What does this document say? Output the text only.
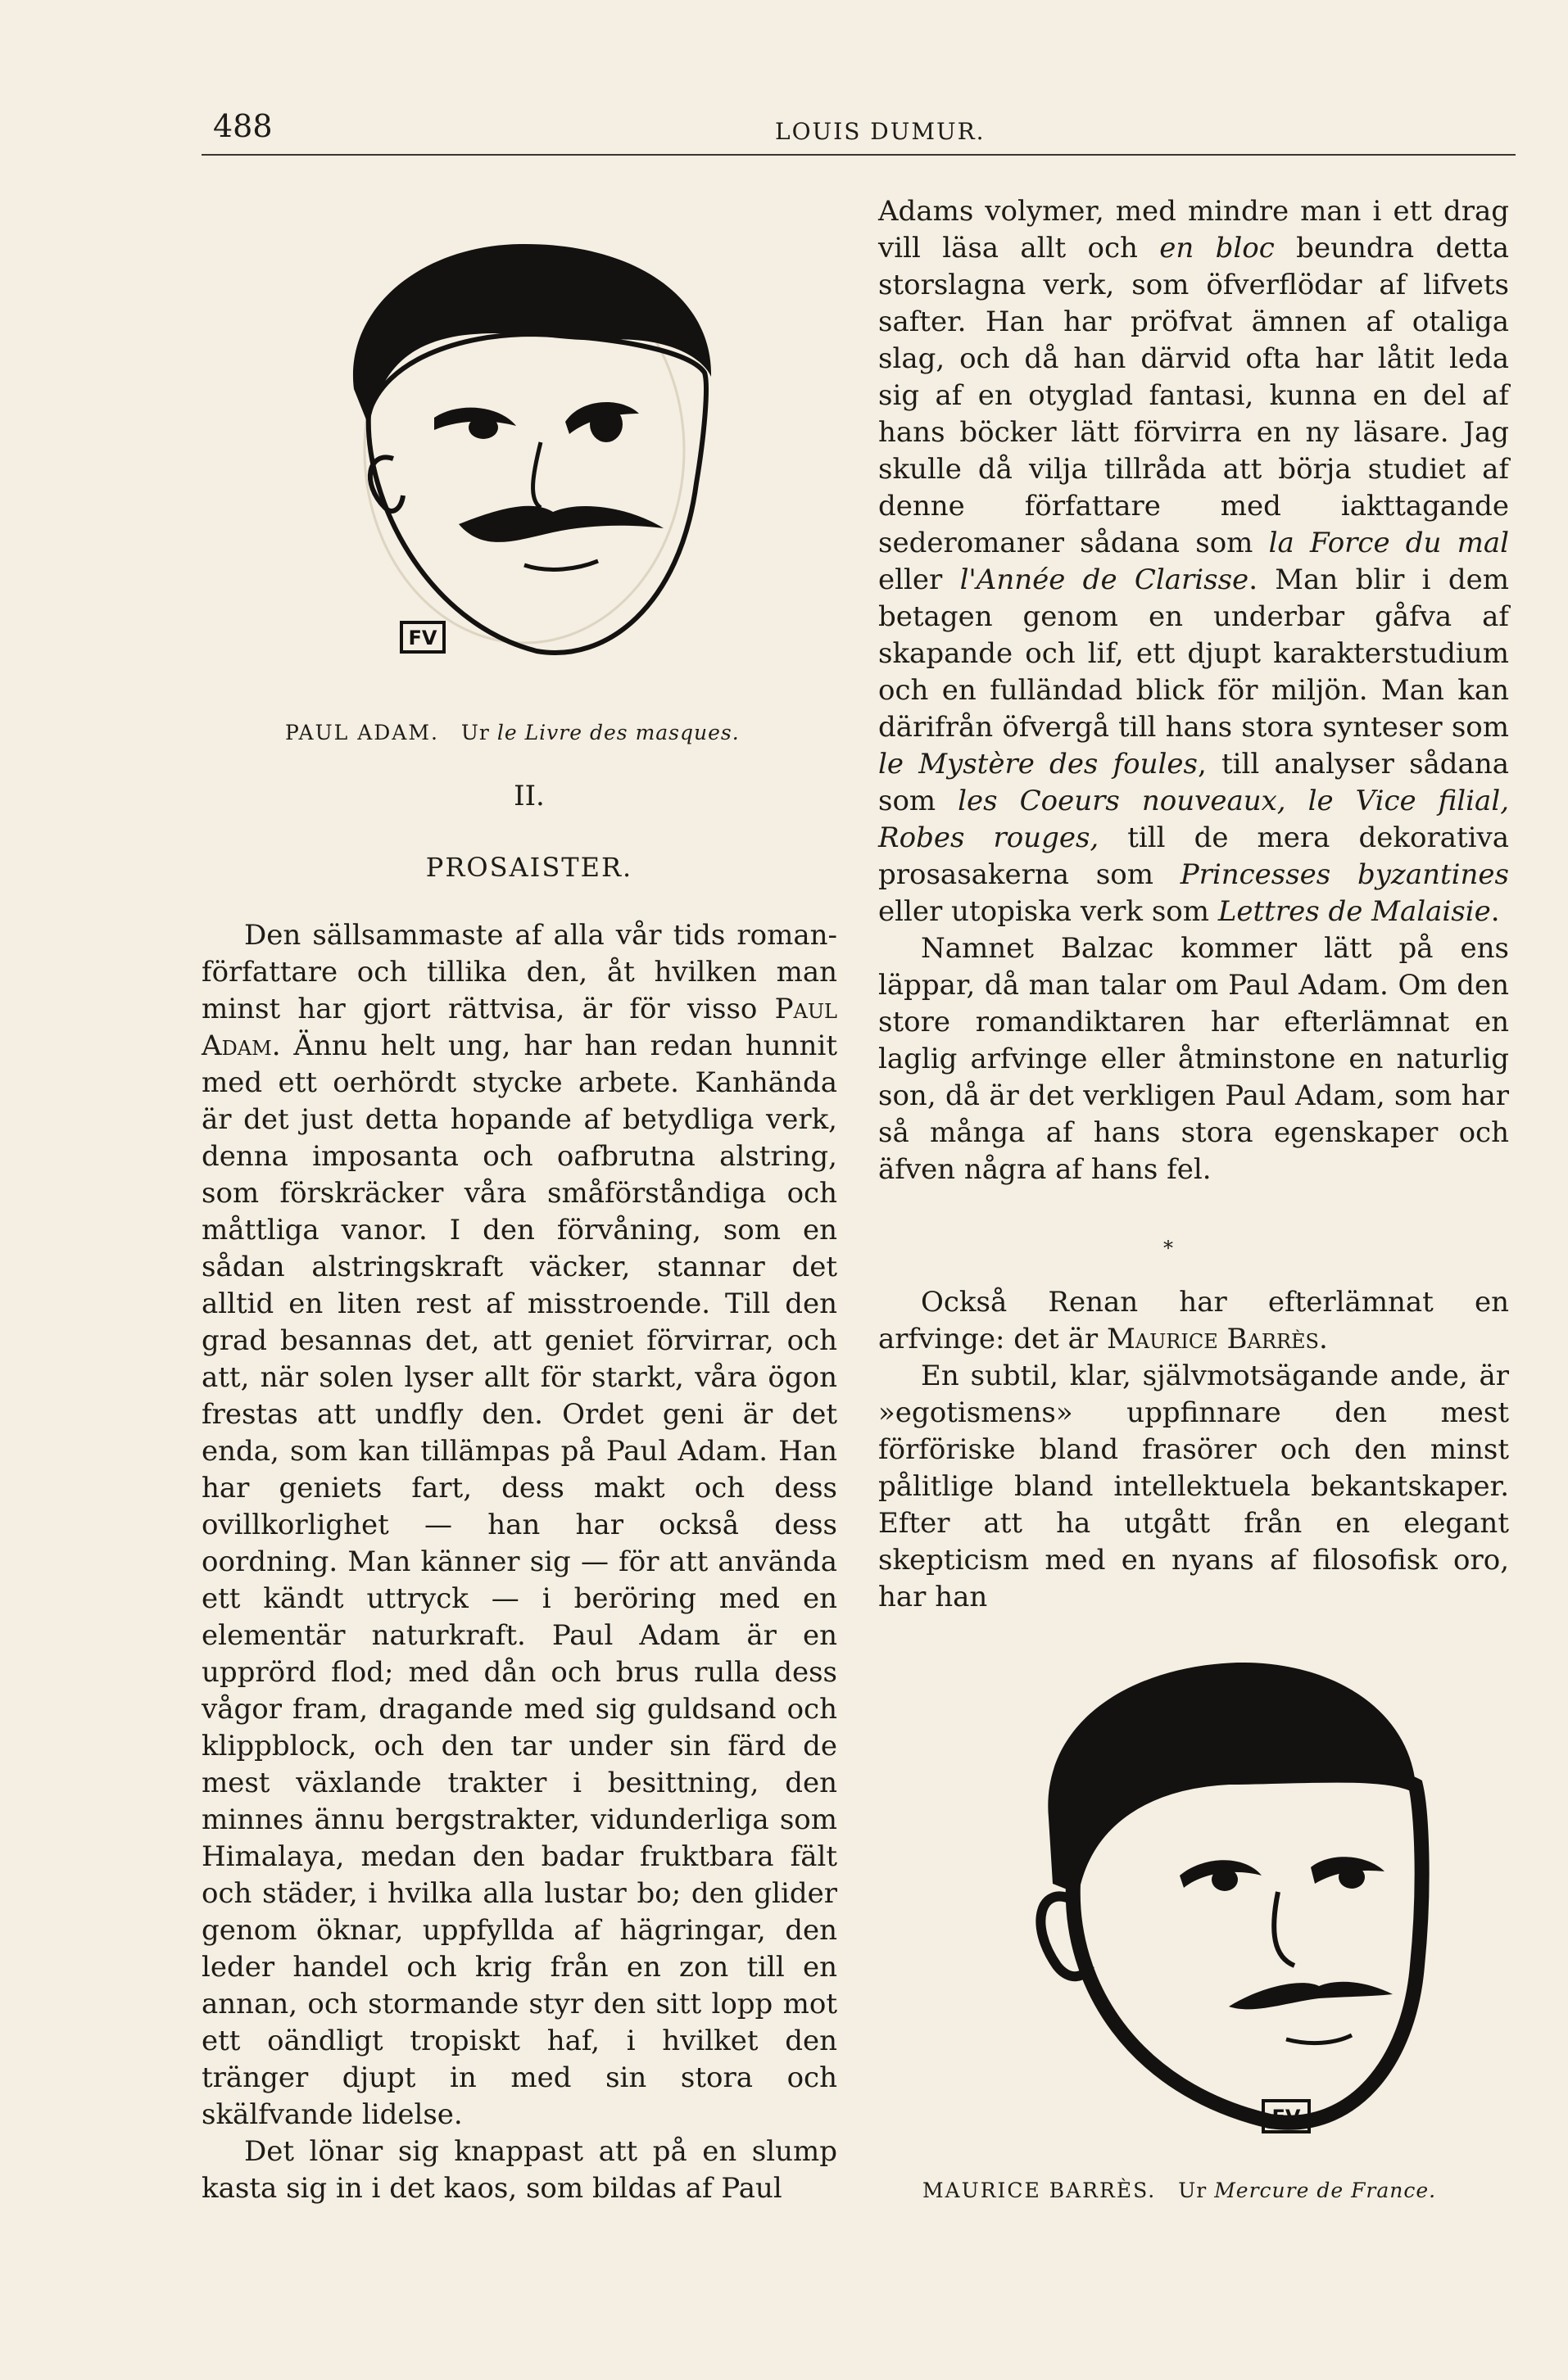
488	LOUIS DUMUR.
FV
PAUL ADAM. Ur le Livre des masques.
II.
PROSAISTER.

Den sällsammaste af alla vår tids roman-författare och tillika den, åt hvilken man minst har gjort rättvisa, är för visso Paul Adam. Ännu helt ung, har han redan hunnit med ett oerhördt stycke arbete. Kanhända är det just detta hopande af betydliga verk, denna imposanta och oafbrutna alstring, som förskräcker våra småförståndiga och måttliga vanor. I den förvåning, som en sådan alstringskraft väcker, stannar det alltid en liten rest af misstroende. Till den grad besannas det, att geniet förvirrar, och att, när solen lyser allt för starkt, våra ögon frestas att undfly den. Ordet geni är det enda, som kan tillämpas på Paul Adam. Han har geniets fart, dess makt och dess ovillkorlighet — han har också dess oordning. Man känner sig — för att använda ett kändt uttryck — i beröring med en elementär naturkraft. Paul Adam är en upprörd flod; med dån och brus rulla dess vågor fram, dragande med sig guldsand och klippblock, och den tar under sin färd de mest växlande trakter i besittning, den minnes ännu bergstrakter, vidunderliga som Himalaya, medan den badar fruktbara fält och städer, i hvilka alla lustar bo; den glider genom öknar, uppfyllda af hägringar, den leder handel och krig från en zon till en annan, och stormande styr den sitt lopp mot ett oändligt tropiskt haf, i hvilket den tränger djupt in med sin stora och skälfvande lidelse.

Det lönar sig knappast att på en slump kasta sig in i det kaos, som bildas af Paul

Adams volymer, med mindre man i ett drag vill läsa allt och en bloc beundra detta storslagna verk, som öfverflödar af lifvets safter. Han har pröfvat ämnen af otaliga slag, och då han därvid ofta har låtit leda sig af en otyglad fantasi, kunna en del af hans böcker lätt förvirra en ny läsare. Jag skulle då vilja tillråda att börja studiet af denne författare med iakttagande sederomaner sådana som la Force du mal eller l'Année de Clarisse. Man blir i dem betagen genom en underbar gåfva af skapande och lif, ett djupt karakterstudium och en fulländad blick för miljön. Man kan därifrån öfvergå till hans stora synteser som le Mystère des foules, till analyser sådana som les Coeurs nouveaux, le Vice filial, Robes rouges, till de mera dekorativa prosasakerna som Princesses byzantines eller utopiska verk som Lettres de Malaisie.

Namnet Balzac kommer lätt på ens läppar, då man talar om Paul Adam. Om den store romandiktaren har efterlämnat en laglig arfvinge eller åtminstone en naturlig son, då är det verkligen Paul Adam, som har så många af hans stora egenskaper och äfven några af hans fel.

*

Också Renan har efterlämnat en arfvinge: det är Maurice Barrès.

En subtil, klar, självmotsägande ande, är »egotismens» uppfinnare den mest förföriske bland frasörer och den minst pålitlige bland intellektuela bekantskaper. Efter att ha utgått från en elegant skepticism med en nyans af filosofisk oro, har han

FV
MAURICE BARRÈS. Ur Mercure de France.
